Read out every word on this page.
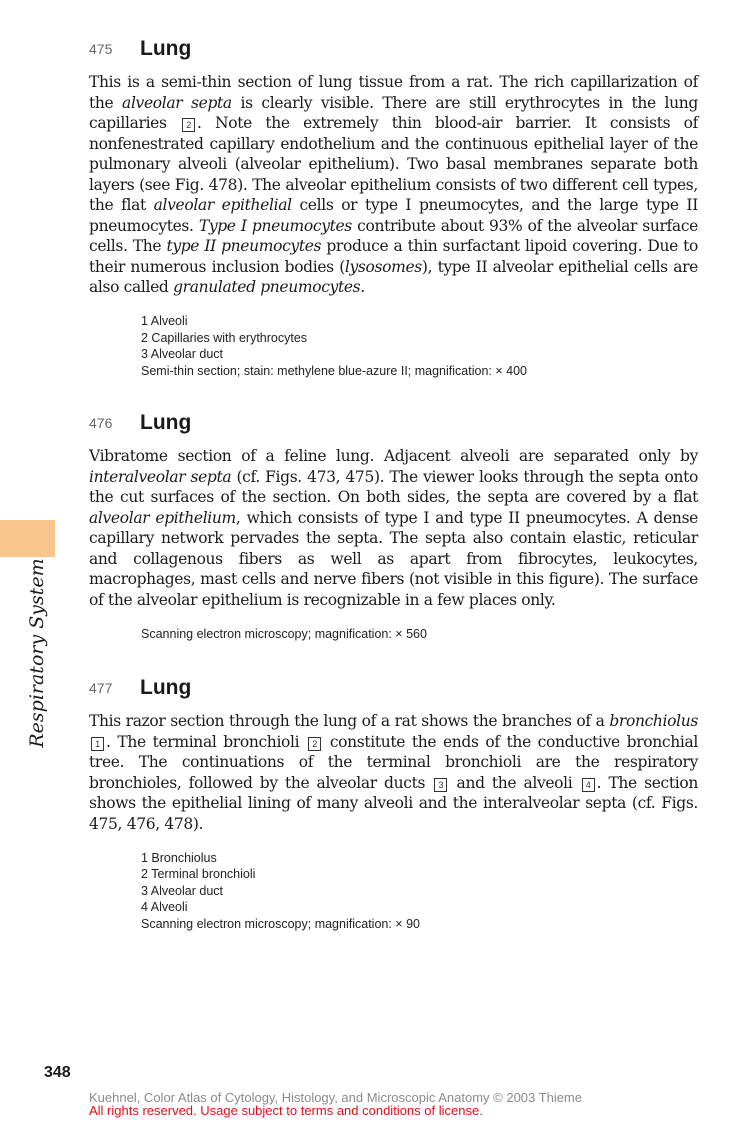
Respiratory System
475 Lung

This is a semi-thin section of lung tissue from a rat. The rich capillarization of the alveolar septa is clearly visible. There are still erythrocytes in the lung capillaries 2 . Note the extremely thin blood-air barrier. It consists of nonfenestrated capillary endothelium and the continuous epithelial layer of the pulmonary alveoli (alveolar epithelium). Two basal membranes separate both layers (see Fig. 478). The alveolar epithelium consists of two different cell types, the flat alveolar epithelial cells or type I pneumocytes, and the large type II pneumocytes. Type I pneumocytes contribute about 93% of the alveolar surface cells. The type II pneumocytes produce a thin surfactant lipoid covering. Due to their numerous inclusion bodies (lysosomes), type II alveolar epithelial cells are also called granulated pneumocytes.

1 Alveoli
2 Capillaries with erythrocytes
3 Alveolar duct
Semi-thin section; stain: methylene blue-azure II; magnification: × 400
476 Lung

Vibratome section of a feline lung. Adjacent alveoli are separated only by interalveolar septa (cf. Figs. 473, 475). The viewer looks through the septa onto the cut surfaces of the section. On both sides, the septa are covered by a flat alveolar epithelium, which consists of type I and type II pneumocytes. A dense capillary network pervades the septa. The septa also contain elastic, reticular and collagenous fibers as well as apart from fibrocytes, leukocytes, macrophages, mast cells and nerve fibers (not visible in this figure). The surface of the alveolar epithelium is recognizable in a few places only.

Scanning electron microscopy; magnification: × 560
477 Lung

This razor section through the lung of a rat shows the branches of a bronchiolus 1 . The terminal bronchioli 2 constitute the ends of the conductive bronchial tree. The continuations of the terminal bronchioli are the respiratory bronchioles, followed by the alveolar ducts 3 and the alveoli 4 . The section shows the epithelial lining of many alveoli and the interalveolar septa (cf. Figs. 475, 476, 478).

1 Bronchiolus
2 Terminal bronchioli
3 Alveolar duct
4 Alveoli
Scanning electron microscopy; magnification: × 90
348
Kuehnel, Color Atlas of Cytology, Histology, and Microscopic Anatomy © 2003 Thieme
All rights reserved. Usage subject to terms and conditions of license.
